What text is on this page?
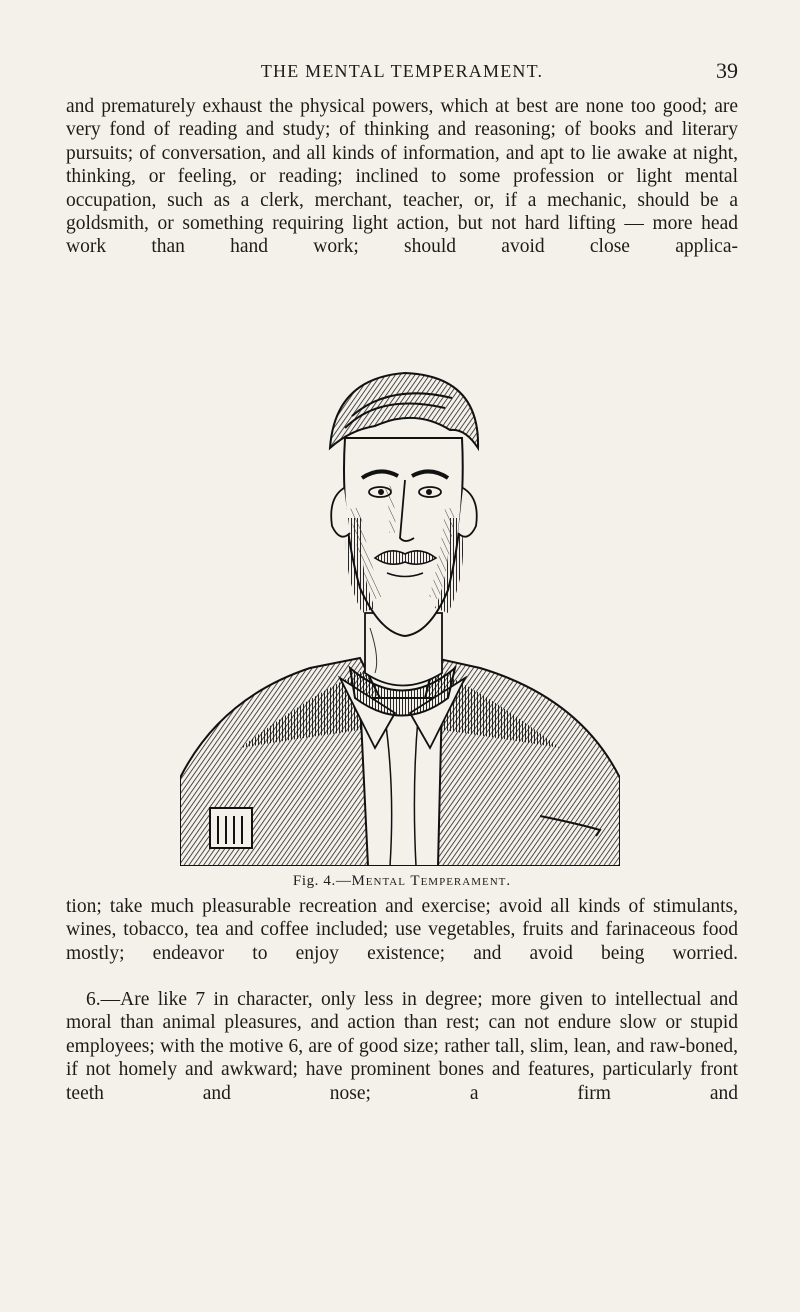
THE MENTAL TEMPERAMENT.	39

and prematurely exhaust the physical powers, which at best are none too good; are very fond of reading and study; of thinking and reasoning; of books and literary pursuits; of conversation, and all kinds of information, and apt to lie awake at night, thinking, or feeling, or reading; inclined to some profession or light mental occupation, such as a clerk, merchant, teacher, or, if a mechanic, should be a goldsmith, or something requiring light action, but not hard lifting — more head work than hand work; should avoid close applica-

Fig. 4.—Mental Temperament.

tion; take much pleasurable recreation and exercise; avoid all kinds of stimulants, wines, tobacco, tea and coffee included; use vegetables, fruits and farinaceous food mostly; endeavor to enjoy existence; and avoid being worried.

6.—Are like 7 in character, only less in degree; more given to intellectual and moral than animal pleasures, and action than rest; can not endure slow or stupid employees; with the motive 6, are of good size; rather tall, slim, lean, and raw-boned, if not homely and awkward; have prominent bones and features, particularly front teeth and nose; a firm and
